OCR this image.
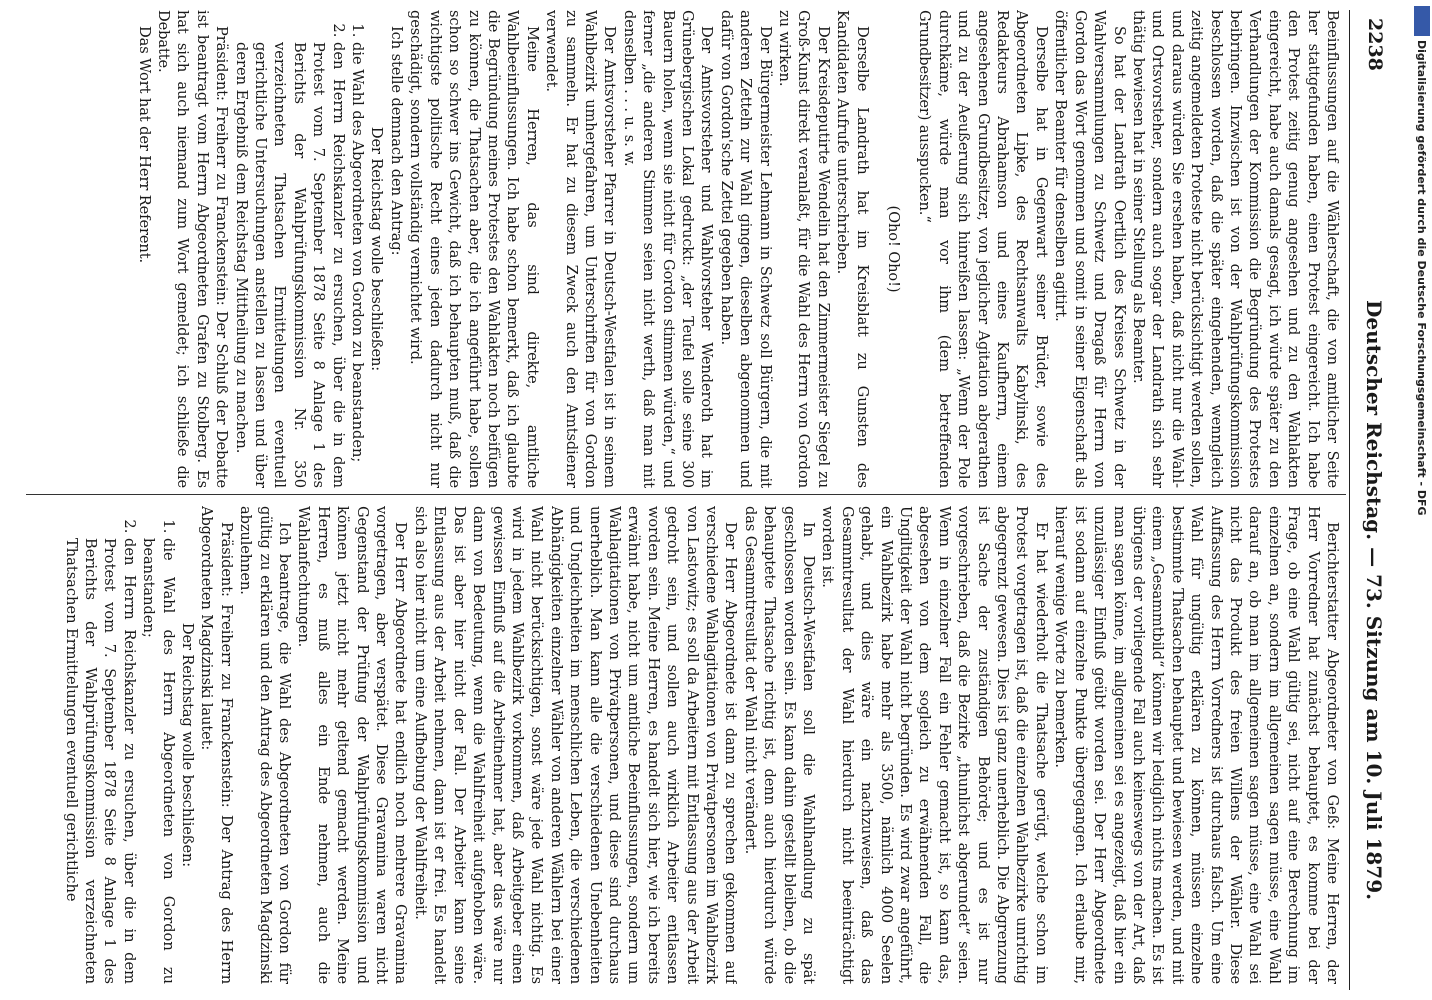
Digitalisierung gefördert durch die Deutsche Forschungsgemeinschaft - DFG
2238
Deutscher Reichstag. — 73. Sitzung am 10. Juli 1879.

Beeinflussungen auf die Wählerschaft, die von amtlicher Seite her stattgefunden haben, einen Protest eingereicht. Ich habe den Protest zeitig genug angesehen und zu den Wahlakten eingereicht, habe auch damals gesagt, ich würde später zu den Verhandlungen der Kommission die Begründung des Protestes beibringen. Inzwischen ist von der Wahlprüfungskommission beschlossen worden, daß die später eingehenden, wenngleich zeitig angemeldeten Proteste nicht berücksichtigt werden sollen, und daraus würden Sie ersehen haben, daß nicht nur die Wahl- und Ortsvorsteher, sondern auch sogar der Landrath sich sehr thätig bewiesen hat in seiner Stellung als Beamter.

So hat der Landrath Oertlich des Kreises Schwetz in der Wahlversammlungen zu Schwetz und Dragaß für Herrn von Gordon das Wort genommen und somit in seiner Eigenschaft als öffentlicher Beamter für denselben agitirt.

Derselbe hat in Gegenwart seiner Brüder, sowie des Abgeordneten Lipke, des Rechtsanwalts Kabylinski, des Redakteurs Abrahamson und eines Kaufherrn, einem angesehenen Grundbesitzer, von jeglicher Agitation abgerathen und zu der Aeußerung sich hinreißen lassen: „Wenn der Pole durchkäme, würde man vor ihm (dem betreffenden Grundbesitzer) ausspucken.“

(Oho! Oho!)

Derselbe Landrath hat im Kreisblatt zu Gunsten des Kandidaten Aufrufe unterschrieben.

Der Kreisdeputirte Wendelin hat den Zimmermeister Siegel zu Groß-Kunst direkt veranlaßt, für die Wahl des Herrn von Gordon zu wirken.

Der Bürgermeister Lehmann in Schwetz soll Bürgern, die mit anderen Zetteln zur Wahl gingen, dieselben abgenommen und dafür von Gordon'sche Zettel gegeben haben.

Der Amtsvorsteher und Wahlvorsteher Wenderoth hat im Grünebergischen Lokal gedruckt: „der Teufel solle seine 300 Bauern holen, wenn sie nicht für Gordon stimmen würden,“ und ferner „die anderen Stimmen seien nicht werth, daß man mit denselben . . . u. s. w.

Der Amtsvorsteher Pfarrer in Deutsch-Westfalen ist in seinem Wahlbezirk umhergefahren, um Unterschriften für von Gordon zu sammeln. Er hat zu diesem Zweck auch den Amtsdiener verwendet.

Meine Herren, das sind direkte, amtliche Wahlbeeinflussungen. Ich habe schon bemerkt, daß ich glaubte die Begründung meines Protestes den Wahlakten noch beifügen zu können, die Thatsachen aber, die ich angeführt habe, sollen schon so schwer ins Gewicht, daß ich behaupten muß, daß die wichtigste politische Recht eines jeden dadurch nicht nur geschädigt, sondern vollständig vernichtet wird.

Ich stelle demnach den Antrag:

Der Reichstag wolle beschließen:

1. die Wahl des Abgeordneten von Gordon zu beanstanden;
2. den Herrn Reichskanzler zu ersuchen, über die in dem Protest vom 7. September 1878 Seite 8 Anlage 1 des Berichts der Wahlprüfungskommission Nr. 350 verzeichneten Thatsachen Ermittelungen eventuell gerichtliche Untersuchungen anstellen zu lassen und über deren Ergebniß dem Reichstag Mittheilung zu machen.

Präsident: Freiherr zu Franckenstein: Der Schluß der Debatte ist beantragt vom Herrn Abgeordneten Grafen zu Stolberg. Es hat sich auch niemand zum Wort gemeldet; ich schließe die Debatte.

Das Wort hat der Herr Referent.

Berichterstatter Abgeordneter von Geß: Meine Herren, der Herr Vorredner hat zunächst behauptet, es komme bei der Frage, ob eine Wahl gültig sei, nicht auf eine Berechnung im einzelnen an, sondern im allgemeinen sagen müsse, eine Wahl darauf an, ob man im allgemeinen sagen müsse, eine Wahl sei nicht das Produkt des freien Willens der Wähler. Diese Auffassung des Herrn Vorredners ist durchaus falsch. Um eine Wahl für ungültig erklären zu können, müssen einzelne bestimmte Thatsachen behauptet und bewiesen werden, und mit einem „Gesammtbild“ können wir lediglich nichts machen. Es ist übrigens der vorliegende Fall auch keineswegs von der Art, daß man sagen könne, im allgemeinen sei es angezeigt, daß hier ein unzulässiger Einfluß geübt worden sei. Der Herr Abgeordnete ist sodann auf einzelne Punkte übergegangen. Ich erlaube mir, hierauf wenige Worte zu bemerken.

Er hat wiederholt die Thatsache gerügt, welche schon im Protest vorgetragen ist, daß die einzelnen Wahlbezirke unrichtig abgegrenzt gewesen. Dies ist ganz unerheblich. Die Abgrenzung ist Sache der zuständigen Behörde; und es ist nur vorgeschrieben, daß die Bezirke „thunlichst abgerundet“ seien. Wenn in einzelner Fall ein Fehler gemacht ist, so kann das, abgesehen von dem sogleich zu erwähnenden Fall, die Ungiltigkeit der Wahl nicht begründen. Es wird zwar angeführt, ein Wahlbezirk habe mehr als 3500, nämlich 4000 Seelen gehabt, und dies wäre ein nachzuweisen, daß das Gesammtresultat der Wahl hierdurch nicht beeinträchtigt worden ist.

In Deutsch-Westfalen soll die Wahlhandlung zu spät geschlossen worden sein. Es kann dahin gestellt bleiben, ob die behauptete Thatsache richtig ist, denn auch hierdurch würde das Gesammtresultat der Wahl nicht verändert.

Der Herr Abgeordnete ist dann zu sprechen gekommen auf verschiedene Wahlagitationen von Privatpersonen im Wahlbezirk von Lastowitz; es soll da Arbeitern mit Entlassung aus der Arbeit gedroht sein, und sollen auch wirklich Arbeiter entlassen worden sein. Meine Herren, es handelt sich hier, wie ich bereits erwähnt habe, nicht um amtliche Beeinflussungen, sondern um Wahlagitationen von Privatpersonen, und diese sind durchaus unerheblich. Man kann alle die verschiedenen Unebenheiten und Ungleichheiten im menschlichen Leben, die verschiedenen Abhängigkeiten einzelner Wähler von anderen Wählern bei einer Wahl nicht berücksichtigen, sonst wäre jede Wahl nichtig. Es wird in jedem Wahlbezirk vorkommen, daß Arbeitgeber einen gewissen Einfluß auf die Arbeitnehmer hat, aber das wäre nur dann von Bedeutung, wenn die Wahlfreiheit aufgehoben wäre. Das ist aber hier nicht der Fall. Der Arbeiter kann seine Entlassung aus der Arbeit nehmen, dann ist er frei. Es handelt sich also hier nicht um eine Aufhebung der Wahlfreiheit.

Der Herr Abgeordnete hat endlich noch mehrere Gravamina vorgetragen, aber verspätet. Diese Gravamina waren nicht Gegenstand der Prüfung der Wahlprüfungskommission und können jetzt nicht mehr geltend gemacht werden. Meine Herren, es muß alles ein Ende nehmen, auch die Wahlanfechtungen.

Ich beantrage, die Wahl des Abgeordneten von Gordon für gültig zu erklären und den Antrag des Abgeordneten Magdzinski abzulehnen.

Präsident: Freiherr zu Franckenstein: Der Antrag des Herrn Abgeordneten Magdzinski lautet:

Der Reichstag wolle beschließen:

1. die Wahl des Herrn Abgeordneten von Gordon zu beanstanden;
2. den Herrn Reichskanzler zu ersuchen, über die in dem Protest vom 7. September 1878 Seite 8 Anlage 1 des Berichts der Wahlprüfungskommission verzeichneten Thatsachen Ermittelungen eventuell gerichtliche
